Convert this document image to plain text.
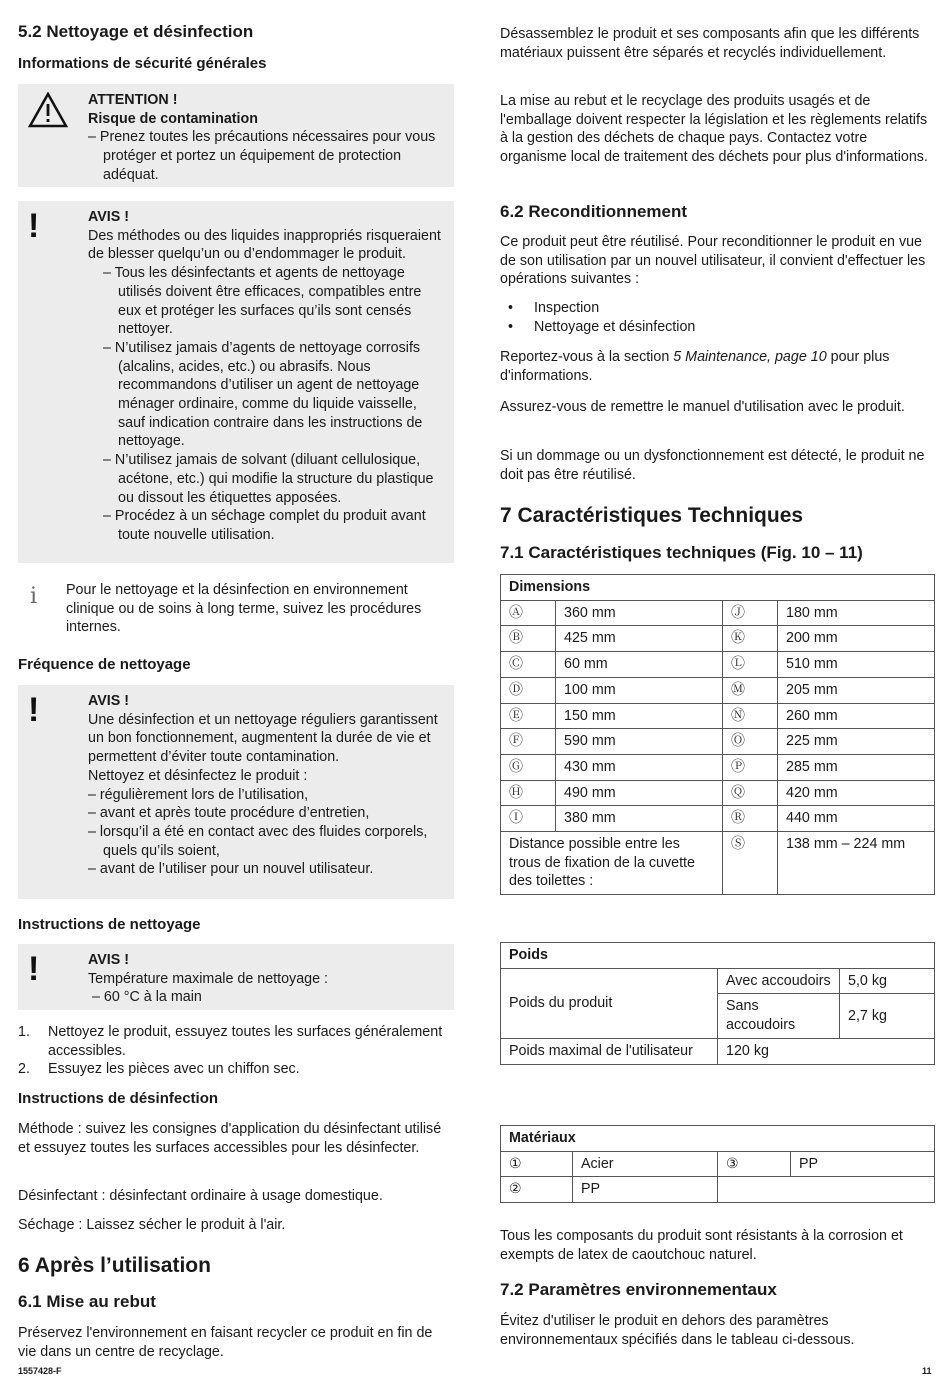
5.2 Nettoyage et désinfection
Informations de sécurité générales
ATTENTION !
Risque de contamination
– Prenez toutes les précautions nécessaires pour vous protéger et portez un équipement de protection adéquat.
!	AVIS !
Des méthodes ou des liquides inappropriés risqueraient de blesser quelqu’un ou d’endommager le produit.
– Tous les désinfectants et agents de nettoyage utilisés doivent être efficaces, compatibles entre eux et protéger les surfaces qu’ils sont censés nettoyer.
– N’utilisez jamais d’agents de nettoyage corrosifs (alcalins, acides, etc.) ou abrasifs. Nous recommandons d’utiliser un agent de nettoyage ménager ordinaire, comme du liquide vaisselle, sauf indication contraire dans les instructions de nettoyage.
– N’utilisez jamais de solvant (diluant cellulosique, acétone, etc.) qui modifie la structure du plastique ou dissout les étiquettes apposées.
– Procédez à un séchage complet du produit avant toute nouvelle utilisation.
i Pour le nettoyage et la désinfection en environnement clinique ou de soins à long terme, suivez les procédures internes.
Fréquence de nettoyage
!	AVIS !
Une désinfection et un nettoyage réguliers garantissent un bon fonctionnement, augmentent la durée de vie et permettent d’éviter toute contamination.
Nettoyez et désinfectez le produit :
– régulièrement lors de l’utilisation,
– avant et après toute procédure d’entretien,
– lorsqu’il a été en contact avec des fluides corporels, quels qu’ils soient,
– avant de l’utiliser pour un nouvel utilisateur.
Instructions de nettoyage
!	AVIS !
Température maximale de nettoyage :
– 60 °C à la main
1. Nettoyez le produit, essuyez toutes les surfaces généralement accessibles.
2. Essuyez les pièces avec un chiffon sec.
Instructions de désinfection
Méthode : suivez les consignes d'application du désinfectant utilisé et essuyez toutes les surfaces accessibles pour les désinfecter.
Désinfectant : désinfectant ordinaire à usage domestique.
Séchage : Laissez sécher le produit à l'air.
6 Après l’utilisation
6.1 Mise au rebut
Préservez l'environnement en faisant recycler ce produit en fin de vie dans un centre de recyclage.
Désassemblez le produit et ses composants afin que les différents matériaux puissent être séparés et recyclés individuellement.
La mise au rebut et le recyclage des produits usagés et de l'emballage doivent respecter la législation et les règlements relatifs à la gestion des déchets de chaque pays. Contactez votre organisme local de traitement des déchets pour plus d'informations.
6.2 Reconditionnement
Ce produit peut être réutilisé. Pour reconditionner le produit en vue de son utilisation par un nouvel utilisateur, il convient d'effectuer les opérations suivantes :
• Inspection
• Nettoyage et désinfection
Reportez-vous à la section 5 Maintenance, page 10 pour plus d'informations.
Assurez-vous de remettre le manuel d'utilisation avec le produit.
Si un dommage ou un dysfonctionnement est détecté, le produit ne doit pas être réutilisé.
7 Caractéristiques Techniques
7.1 Caractéristiques techniques (Fig. 10 – 11)
Dimensions			
Ⓐ	360 mm	Ⓙ	180 mm
Ⓑ	425 mm	Ⓚ	200 mm
Ⓒ	60 mm	Ⓛ	510 mm
Ⓓ	100 mm	Ⓜ	205 mm
Ⓔ	150 mm	Ⓝ	260 mm
Ⓕ	590 mm	Ⓞ	225 mm
Ⓖ	430 mm	Ⓟ	285 mm
Ⓗ	490 mm	Ⓠ	420 mm
Ⓘ	380 mm	Ⓡ	440 mm
Distance possible entre les trous de fixation de la cuvette des toilettes :		Ⓢ	138 mm – 224 mm
Poids		
Poids du produit	Avec accoudoirs	5,0 kg
	Sans accoudoirs	2,7 kg
Poids maximal de l'utilisateur	120 kg	
Matériaux			
①	Acier	③	PP
②	PP		
Tous les composants du produit sont résistants à la corrosion et exempts de latex de caoutchouc naturel.
7.2 Paramètres environnementaux
Évitez d'utiliser le produit en dehors des paramètres environnementaux spécifiés dans le tableau ci-dessous.
1557428-F	11
